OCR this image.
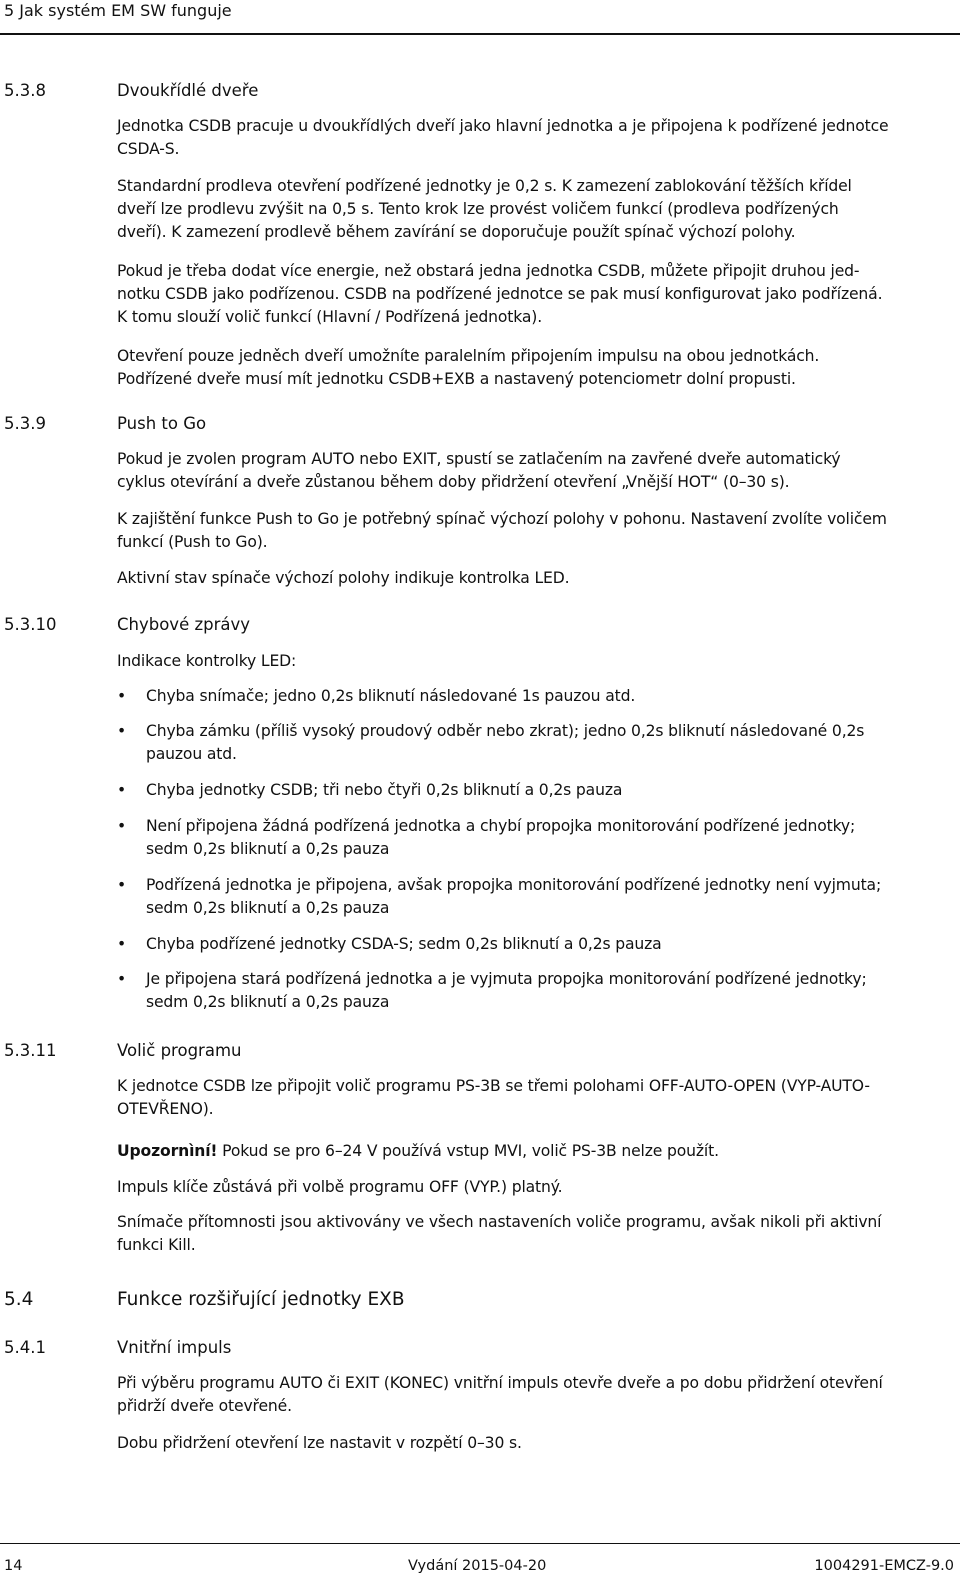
5 Jak systém EM SW funguje
5.3.8	Dvoukřídlé dveře
Jednotka CSDB pracuje u dvoukřídlých dveří jako hlavní jednotka a je připojena k podřízené jednotce
CSDA-S.
Standardní prodleva otevření podřízené jednotky je 0,2 s. K zamezení zablokování těžších křídel
dveří lze prodlevu zvýšit na 0,5 s. Tento krok lze provést voličem funkcí (prodleva podřízených
dveří). K zamezení prodlevě během zavírání se doporučuje použít spínač výchozí polohy.
Pokud je třeba dodat více energie, než obstará jedna jednotka CSDB, můžete připojit druhou jed-
notku CSDB jako podřízenou. CSDB na podřízené jednotce se pak musí konfigurovat jako podřízená.
K tomu slouží volič funkcí (Hlavní / Podřízená jednotka).
Otevření pouze jedněch dveří umožníte paralelním připojením impulsu na obou jednotkách.
Podřízené dveře musí mít jednotku CSDB+EXB a nastavený potenciometr dolní propusti.
5.3.9	Push to Go
Pokud je zvolen program AUTO nebo EXIT, spustí se zatlačením na zavřené dveře automatický
cyklus otevírání a dveře zůstanou během doby přidržení otevření „Vnější HOT“ (0–30 s).
K zajištění funkce Push to Go je potřebný spínač výchozí polohy v pohonu. Nastavení zvolíte voličem
funkcí (Push to Go).
Aktivní stav spínače výchozí polohy indikuje kontrolka LED.
5.3.10	Chybové zprávy
Indikace kontrolky LED:
•	Chyba snímače; jedno 0,2s bliknutí následované 1s pauzou atd.
•	Chyba zámku (příliš vysoký proudový odběr nebo zkrat); jedno 0,2s bliknutí následované 0,2s
pauzou atd.
•	Chyba jednotky CSDB; tři nebo čtyři 0,2s bliknutí a 0,2s pauza
•	Není připojena žádná podřízená jednotka a chybí propojka monitorování podřízené jednotky;
sedm 0,2s bliknutí a 0,2s pauza
•	Podřízená jednotka je připojena, avšak propojka monitorování podřízené jednotky není vyjmuta;
sedm 0,2s bliknutí a 0,2s pauza
•	Chyba podřízené jednotky CSDA-S; sedm 0,2s bliknutí a 0,2s pauza
•	Je připojena stará podřízená jednotka a je vyjmuta propojka monitorování podřízené jednotky;
sedm 0,2s bliknutí a 0,2s pauza
5.3.11	Volič programu
K jednotce CSDB lze připojit volič programu PS-3B se třemi polohami OFF-AUTO-OPEN (VYP-AUTO-
OTEVŘENO).
Upozornìní! Pokud se pro 6–24 V používá vstup MVI, volič PS-3B nelze použít.
Impuls klíče zůstává při volbě programu OFF (VYP.) platný.
Snímače přítomnosti jsou aktivovány ve všech nastaveních voliče programu, avšak nikoli při aktivní
funkci Kill.
5.4	Funkce rozšiřující jednotky EXB
5.4.1	Vnitřní impuls
Při výběru programu AUTO či EXIT (KONEC) vnitřní impuls otevře dveře a po dobu přidržení otevření
přidrží dveře otevřené.
Dobu přidržení otevření lze nastavit v rozpětí 0–30 s.
14	Vydání 2015-04-20	1004291-EMCZ-9.0
